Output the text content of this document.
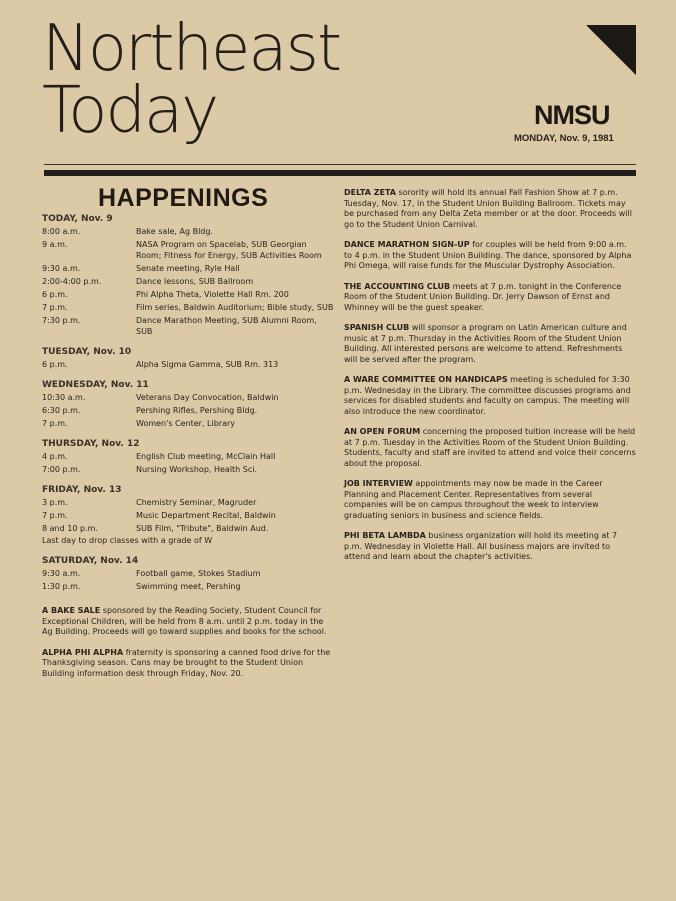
Northeast
Today	NMSU
MONDAY, Nov. 9, 1981
HAPPENINGS
TODAY, Nov. 9
8:00 a.m.	Bake sale, Ag Bldg.
9 a.m.	NASA Program on Spacelab, SUB Georgian Room; Fitness for Energy, SUB Activities Room
9:30 a.m.	Senate meeting, Ryle Hall
2:00-4:00 p.m.	Dance lessons, SUB Ballroom
6 p.m.	Phi Alpha Theta, Violette Hall Rm. 200
7 p.m.	Film series, Baldwin Auditorium; Bible study, SUB
7:30 p.m.	Dance Marathon Meeting, SUB Alumni Room, SUB
TUESDAY, Nov. 10
6 p.m.	Alpha Sigma Gamma, SUB Rm. 313
WEDNESDAY, Nov. 11
10:30 a.m.	Veterans Day Convocation, Baldwin
6:30 p.m.	Pershing Rifles, Pershing Bldg.
7 p.m.	Women's Center, Library
THURSDAY, Nov. 12
4 p.m.	English Club meeting, McClain Hall
7:00 p.m.	Nursing Workshop, Health Sci.
FRIDAY, Nov. 13
3 p.m.	Chemistry Seminar, Magruder
7 p.m.	Music Department Recital, Baldwin
8 and 10 p.m.	SUB Film, "Tribute", Baldwin Aud.
Last day to drop classes with a grade of W
SATURDAY, Nov. 14
9:30 a.m.	Football game, Stokes Stadium
1:30 p.m.	Swimming meet, Pershing
A BAKE SALE sponsored by the Reading Society, Student Council for Exceptional Children, will be held from 8 a.m. until 2 p.m. today in the Ag Building. Proceeds will go toward supplies and books for the school.
ALPHA PHI ALPHA fraternity is sponsoring a canned food drive for the Thanksgiving season. Cans may be brought to the Student Union Building information desk through Friday, Nov. 20.
DELTA ZETA sorority will hold its annual Fall Fashion Show at 7 p.m. Tuesday, Nov. 17, in the Student Union Building Ballroom. Tickets may be purchased from any Delta Zeta member or at the door. Proceeds will go to the Student Union Carnival.
DANCE MARATHON SIGN-UP for couples will be held from 9:00 a.m. to 4 p.m. in the Student Union Building. The dance, sponsored by Alpha Phi Omega, will raise funds for the Muscular Dystrophy Association.
THE ACCOUNTING CLUB meets at 7 p.m. tonight in the Conference Room of the Student Union Building. Dr. Jerry Dawson of Ernst and Whinney will be the guest speaker.
SPANISH CLUB will sponsor a program on Latin American culture and music at 7 p.m. Thursday in the Activities Room of the Student Union Building. All interested persons are welcome to attend. Refreshments will be served after the program.
A WARE COMMITTEE ON HANDICAPS meeting is scheduled for 3:30 p.m. Wednesday in the Library. The committee discusses programs and services for disabled students and faculty on campus. The meeting will also introduce the new coordinator.
AN OPEN FORUM concerning the proposed tuition increase will be held at 7 p.m. Tuesday in the Activities Room of the Student Union Building. Students, faculty and staff are invited to attend and voice their concerns about the proposal.
JOB INTERVIEW appointments may now be made in the Career Planning and Placement Center. Representatives from several companies will be on campus throughout the week to interview graduating seniors in business and science fields.
PHI BETA LAMBDA business organization will hold its meeting at 7 p.m. Wednesday in Violette Hall. All business majors are invited to attend and learn about the chapter's activities.
